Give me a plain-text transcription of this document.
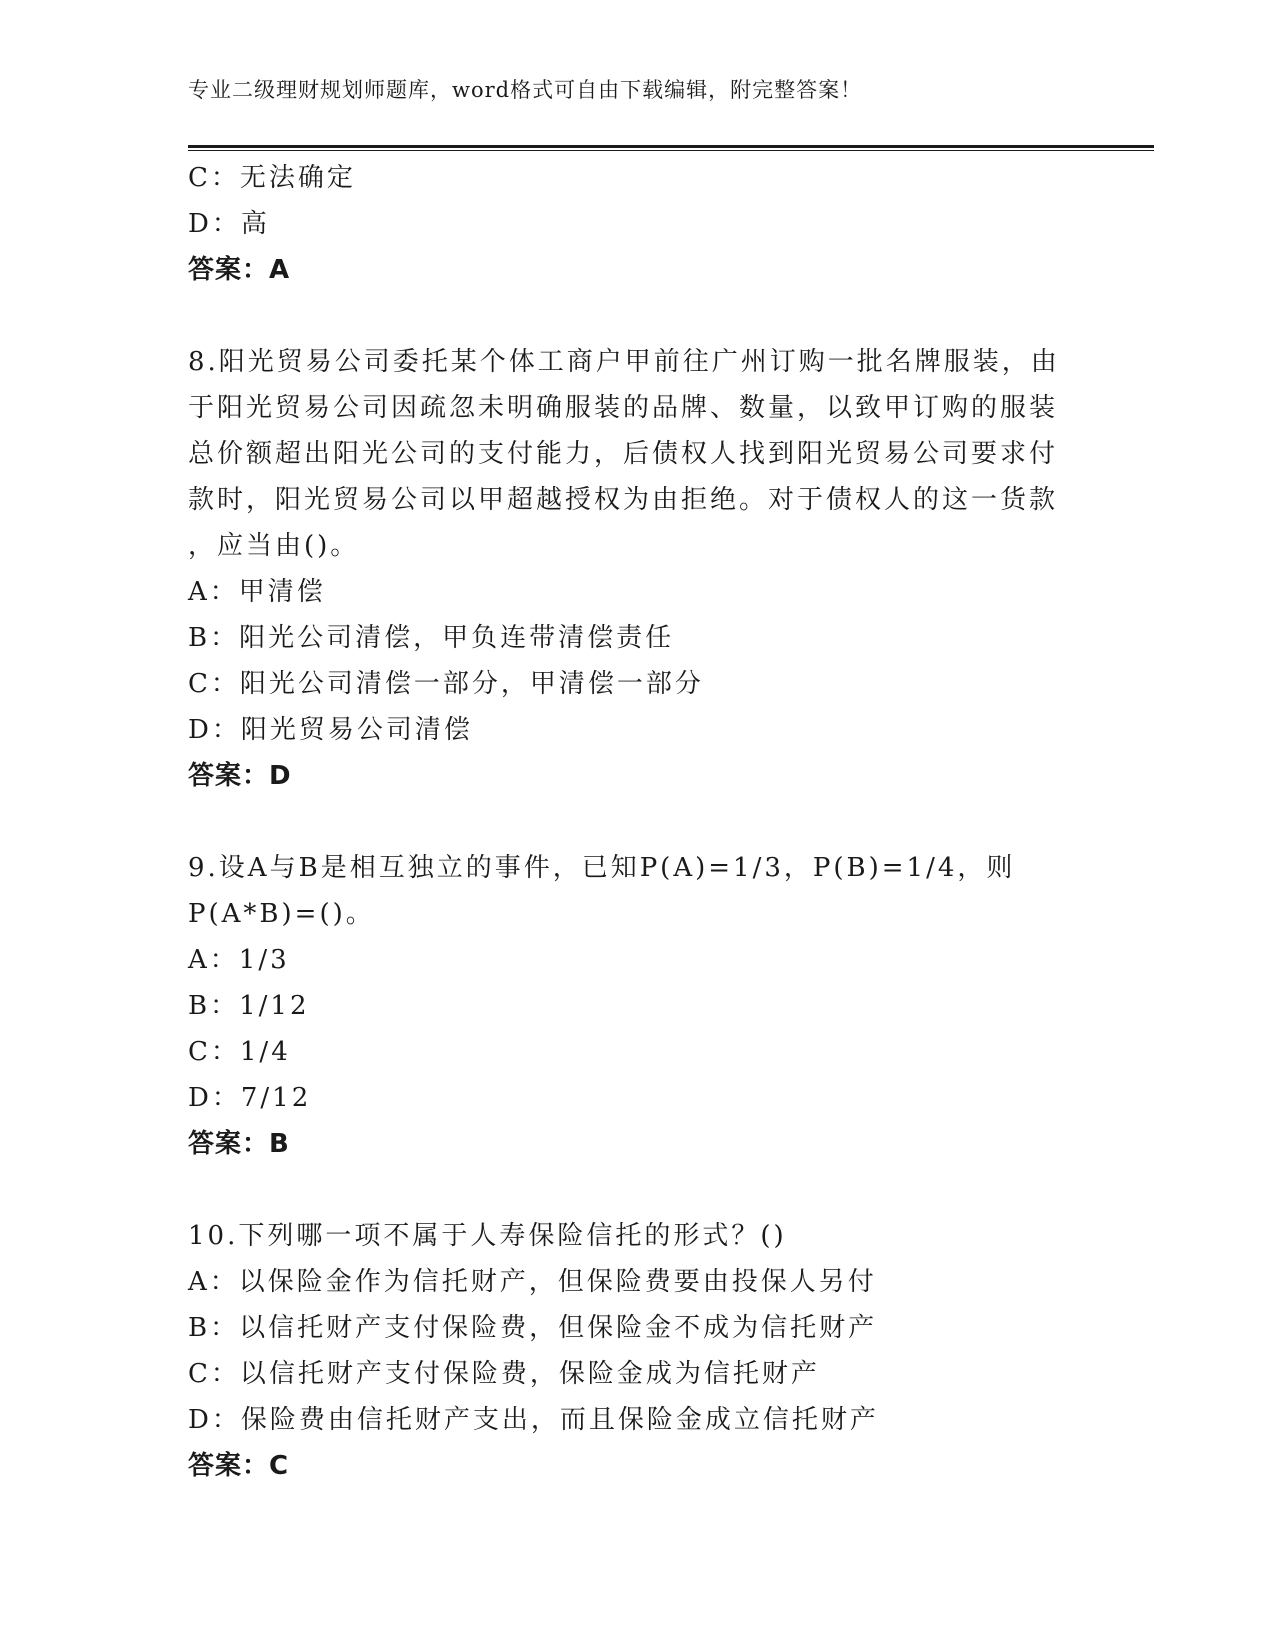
专业二级理财规划师题库，word格式可自由下载编辑，附完整答案！
C：无法确定
D：高
答案：A
8.阳光贸易公司委托某个体工商户甲前往广州订购一批名牌服装，由
于阳光贸易公司因疏忽未明确服装的品牌、数量，以致甲订购的服装
总价额超出阳光公司的支付能力，后债权人找到阳光贸易公司要求付
款时，阳光贸易公司以甲超越授权为由拒绝。对于债权人的这一货款
，应当由()。
A：甲清偿
B：阳光公司清偿，甲负连带清偿责任
C：阳光公司清偿一部分，甲清偿一部分
D：阳光贸易公司清偿
答案：D
9.设A与B是相互独立的事件，已知P(A)=1/3，P(B)=1/4，则
P(A*B)=()。
A：1/3
B：1/12
C：1/4
D：7/12
答案：B
10.下列哪一项不属于人寿保险信托的形式？()
A：以保险金作为信托财产，但保险费要由投保人另付
B：以信托财产支付保险费，但保险金不成为信托财产
C：以信托财产支付保险费，保险金成为信托财产
D：保险费由信托财产支出，而且保险金成立信托财产
答案：C
